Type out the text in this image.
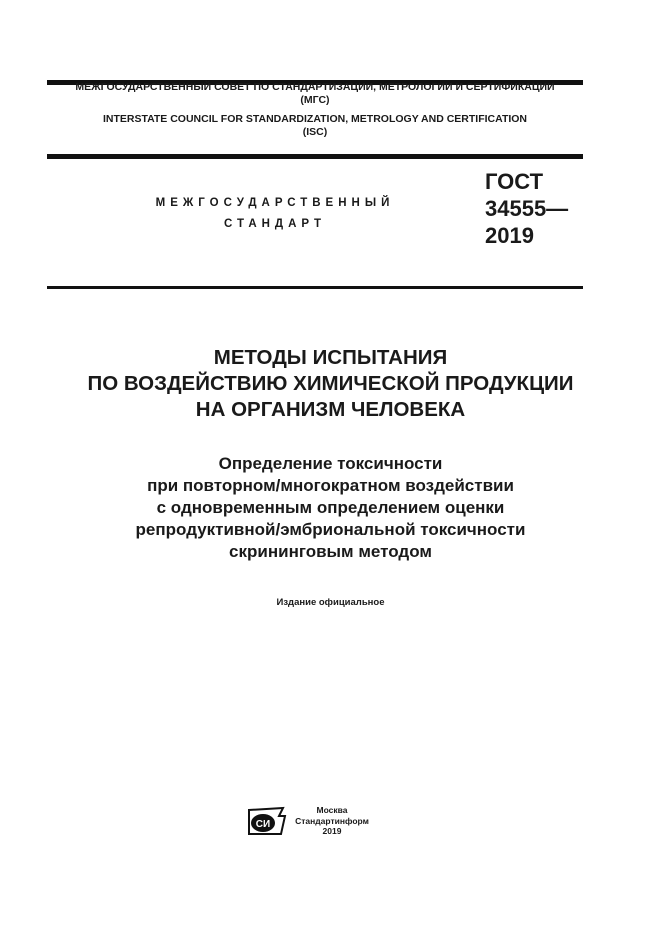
МЕЖГОСУДАРСТВЕННЫЙ СОВЕТ ПО СТАНДАРТИЗАЦИИ, МЕТРОЛОГИИ И СЕРТИФИКАЦИИ
(МГС)
INTERSTATE COUNCIL FOR STANDARDIZATION, METROLOGY AND CERTIFICATION
(ISC)
МЕЖГОСУДАРСТВЕННЫЙ
СТАНДАРТ
ГОСТ
34555—
2019
МЕТОДЫ ИСПЫТАНИЯ
ПО ВОЗДЕЙСТВИЮ ХИМИЧЕСКОЙ ПРОДУКЦИИ
НА ОРГАНИЗМ ЧЕЛОВЕКА
Определение токсичности
при повторном/многократном воздействии
с одновременным определением оценки
репродуктивной/эмбриональной токсичности
скрининговым методом
Издание официальное
СИ
Москва
Стандартинформ
2019
